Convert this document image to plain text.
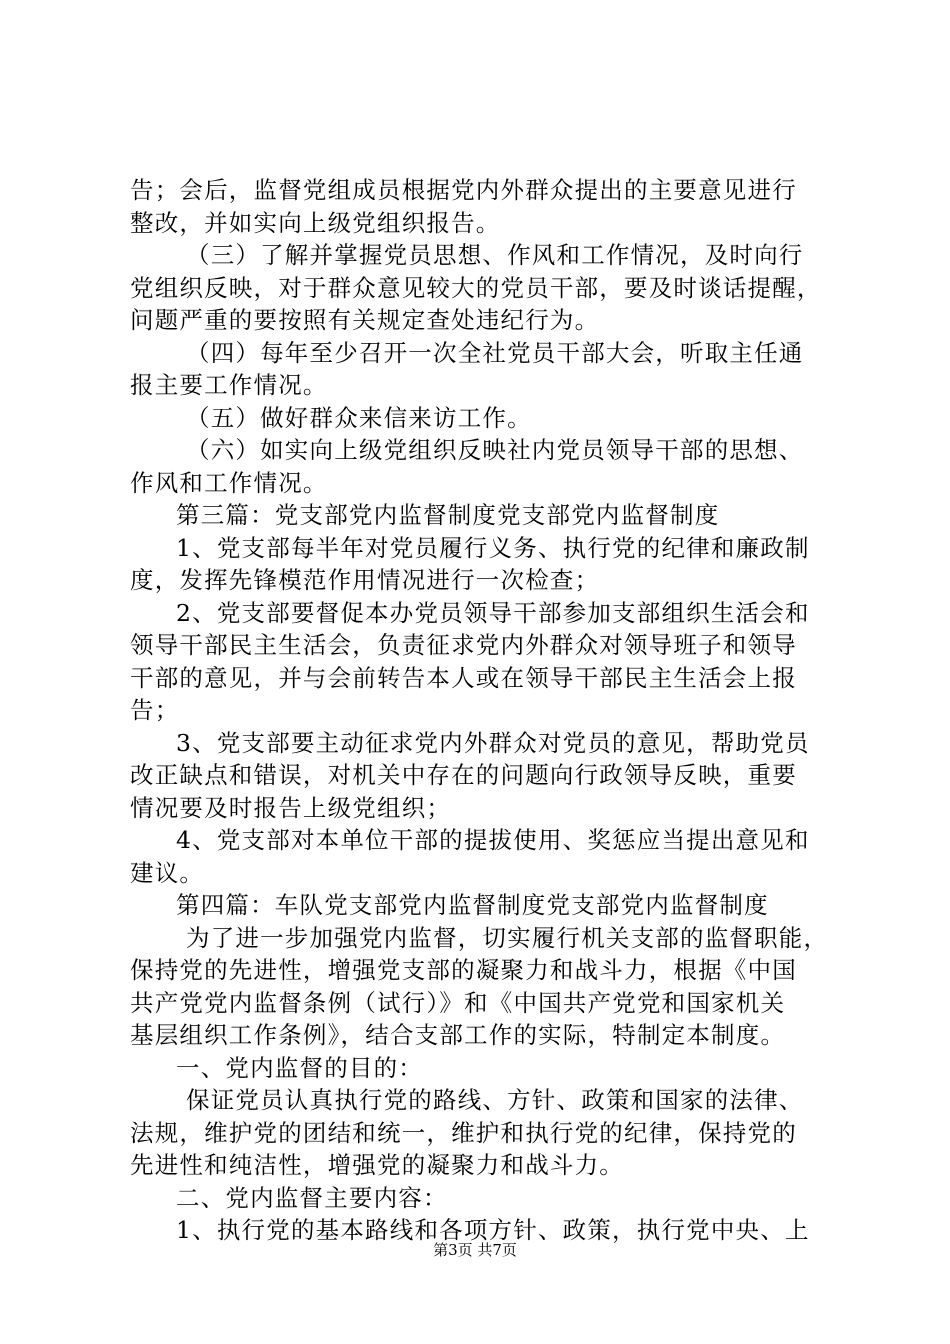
告；会后，监督党组成员根据党内外群众提出的主要意见进行
整改，并如实向上级党组织报告。
（三）了解并掌握党员思想、作风和工作情况，及时向行
党组织反映，对于群众意见较大的党员干部，要及时谈话提醒，
问题严重的要按照有关规定查处违纪行为。
（四）每年至少召开一次全社党员干部大会，听取主任通
报主要工作情况。
（五）做好群众来信来访工作。
（六）如实向上级党组织反映社内党员领导干部的思想、
作风和工作情况。
第三篇：党支部党内监督制度党支部党内监督制度
1、党支部每半年对党员履行义务、执行党的纪律和廉政制
度，发挥先锋模范作用情况进行一次检查；
2、党支部要督促本办党员领导干部参加支部组织生活会和
领导干部民主生活会，负责征求党内外群众对领导班子和领导
干部的意见，并与会前转告本人或在领导干部民主生活会上报
告；
3、党支部要主动征求党内外群众对党员的意见，帮助党员
改正缺点和错误，对机关中存在的问题向行政领导反映，重要
情况要及时报告上级党组织；
4、党支部对本单位干部的提拔使用、奖惩应当提出意见和
建议。
第四篇：车队党支部党内监督制度党支部党内监督制度
为了进一步加强党内监督，切实履行机关支部的监督职能，
保持党的先进性，增强党支部的凝聚力和战斗力，根据《中国
共产党党内监督条例（试行）》和《中国共产党党和国家机关
基层组织工作条例》，结合支部工作的实际，特制定本制度。
一、党内监督的目的：
保证党员认真执行党的路线、方针、政策和国家的法律、
法规，维护党的团结和统一，维护和执行党的纪律，保持党的
先进性和纯洁性，增强党的凝聚力和战斗力。
二、党内监督主要内容：
1、执行党的基本路线和各项方针、政策，执行党中央、上
第3页 共7页
